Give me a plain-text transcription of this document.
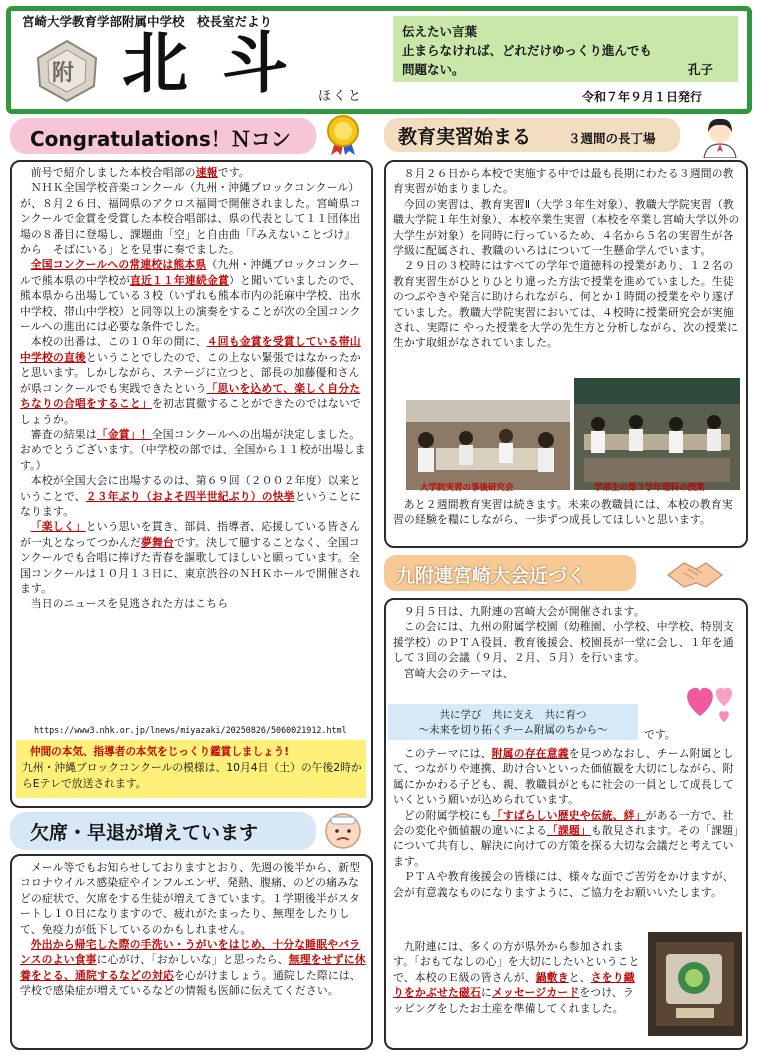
宮崎大学教育学部附属中学校　校長室だより
附 北斗
ほくと
伝えたい言葉
止まらなければ、どれだけゆっくり進んでも
問題ない。	孔子
令和７年９月１日発行
Congratulations！Ｎコン

前号で紹介しました本校合唱部の速報です。

ＮＨＫ全国学校音楽コンクール（九州・沖縄ブロックコンクール）が、８月２６日、福岡県のアクロス福岡で開催されました。宮崎県コンクールで金賞を受賞した本校合唱部は、県の代表として１１団体出場の８番目に登場し、課題曲「空」と自由曲「『みえないことづけ』から　そばにいる」とを見事に奏でました。

全国コンクールへの常連校は熊本県（九州・沖縄ブロックコンクールで熊本県の中学校が直近１１年連続金賞）と聞いていましたので、熊本県から出場している３校（いずれも熊本市内の託麻中学校、出水中学校、帯山中学校）と同等以上の演奏をすることが次の全国コンクールへの進出には必要な条件でした。

本校の出番は、この１０年の間に、４回も金賞を受賞している帯山中学校の直後ということでしたので、この上ない緊張ではなかったかと思います。しかしながら、ステージに立つと、部長の加藤優和さんが県コンクールでも実践できたという「思いを込めて、楽しく自分たちなりの合唱をすること」を初志貫徹することができたのではないでしょうか。

審査の結果は「金賞」！全国コンクールへの出場が決定しました。おめでとうございます。（中学校の部では、全国から１１校が出場します。）

本校が全国大会に出場するのは、第６９回（２００２年度）以来ということで、２３年ぶり（およそ四半世紀ぶり）の快挙ということになります。

「楽しく」という思いを貫き、部員、指導者、応援している皆さんが一丸となってつかんだ夢舞台です。決して臆することなく、全国コンクールでも合唱に捧げた青春を謳歌してほしいと願っています。全国コンクールは１０月１３日に、東京渋谷のＮＨＫホールで開催されます。

当日のニュースを見逃された方はこちら

https://www3.nhk.or.jp/lnews/miyazaki/20250826/5060021912.html
仲間の本気、指導者の本気をじっくり鑑賞しましょう!
九州・沖縄ブロックコンクールの模様は、10月4日（土）の午後2時からEテレで放送されます。
欠席・早退が増えています

メール等でもお知らせしておりますとおり、先週の後半から、新型コロナウイルス感染症やインフルエンザ、発熱、腹痛、のどの痛みなどの症状で、欠席をする生徒が増えてきています。１学期後半がスタートし１０日になりますので、疲れがたまったり、無理をしたりして、免疫力が低下しているのかもしれません。

外出から帰宅した際の手洗い・うがいをはじめ、十分な睡眠やバランスのよい食事に心がけ、「おかしいな」と思ったら、無理をせずに休養をとる、通院するなどの対応を心がけましょう。通院した際には、学校で感染症が増えているなどの情報も医師に伝えてください。

教育実習始まる	３週間の長丁場

８月２６日から本校で実施する中では最も長期にわたる３週間の教育実習が始まりました。

今回の実習は、教育実習Ⅱ（大学３年生対象）、教職大学院実習（教職大学院１年生対象）、本校卒業生実習（本校を卒業し宮崎大学以外の大学生が対象）を同時に行っているため、４名から５名の実習生が各学級に配属され、教職のいろはについて一生懸命学んでいます。

２９日の３校時にはすべての学年で道徳科の授業があり、１２名の教育実習生がひとりひとり違った方法で授業を進めていました。生徒のつぶやきや発言に助けられながら、何とか１時間の授業をやり遂げていました。教職大学院実習においては、４校時に授業研究会が実施され、実際に やった授業を大学の先生方と分析しながら、次の授業に生かす取組がなされていました。

大学院実習の事後研究会	学部生の第３学年理科の授業

あと２週間教育実習は続きます。未来の教職員には、本校の教育実習の経験を糧にしながら、一歩ずつ成長してほしいと思います。

九附連宮崎大会近づく

９月５日は、九附連の宮崎大会が開催されます。

この会には、九州の附属学校園（幼稚園、小学校、中学校、特別支援学校）のＰＴＡ役員、教育後援会、校園長が一堂に会し、１年を通して３回の会議（９月、２月、５月）を行います。

宮崎大会のテーマは、

共に学び　共に支え　共に育つ
～未来を切り拓くチーム附属のちから～	です。

このテーマには、附属の存在意義を見つめなおし、チーム附属として、つながりや連携、助け合いといった価値観を大切にしながら、附属にかかわる子ども、親、教職員がともに社会の一員として成長していくという願いが込められています。

どの附属学校にも「すばらしい歴史や伝統、絆」がある一方で、社会の変化や価値観の違いによる「課題」も散見されます。その「課題」について共有し、解決に向けての方策を探る大切な会議だと考えています。

ＰＴＡや教育後援会の皆様には、様々な面でご苦労をかけますが、会が有意義なものになりますように、ご協力をお願いいたします。

九附連には、多くの方が県外から参加されます。「おもてなしの心」を大切にしたいということで、本校のＥ級の皆さんが、鍋敷きと、さをり織りをかぶせた磁石にメッセージカードをつけ、ラッピングをしたお土産を準備してくれました。
